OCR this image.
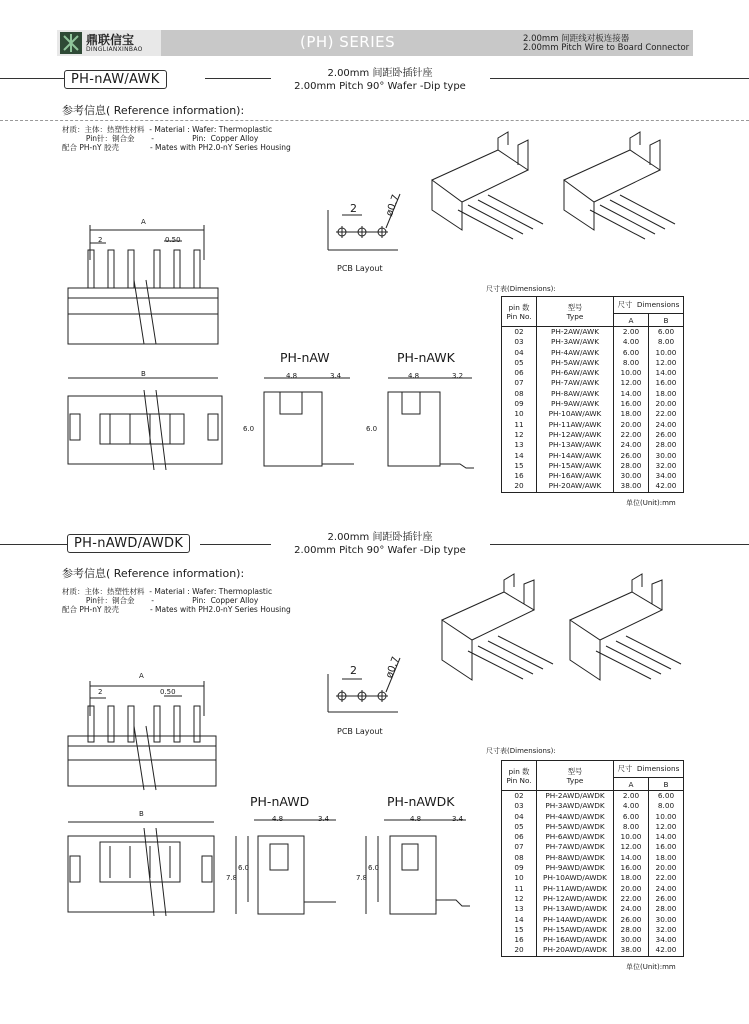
鼎联信宝
DINGLIANXINBAO	(PH) SERIES	2.00mm 间距线对板连接器
2.00mm Pitch Wire to Board Connector
PH-nAW/AWK	2.00mm 间距卧插针座
2.00mm Pitch 90° Wafer -Dip type
参考信息( Reference information):
材质：主体：热塑性材料  - Material : Wafer: Thermoplastic
Pin针：铜合金       -                Pin:  Copper Alloy
配合 PH-nY 胶壳             - Mates with PH2.0-nY Series Housing
A
2	0.50
B
2	ø0.7
PCB Layout
PH-nAW	PH-nAWK
4.8	3.4
6.0
4.8	3.2
6.0
尺寸表(Dimensions):
pin 数
Pin No.	型号
Type	尺寸 Dimensions	
		A	B
02	PH-2AW/AWK	2.00	6.00
03	PH-3AW/AWK	4.00	8.00
04	PH-4AW/AWK	6.00	10.00
05	PH-5AW/AWK	8.00	12.00
06	PH-6AW/AWK	10.00	14.00
07	PH-7AW/AWK	12.00	16.00
08	PH-8AW/AWK	14.00	18.00
09	PH-9AW/AWK	16.00	20.00
10	PH-10AW/AWK	18.00	22.00
11	PH-11AW/AWK	20.00	24.00
12	PH-12AW/AWK	22.00	26.00
13	PH-13AW/AWK	24.00	28.00
14	PH-14AW/AWK	26.00	30.00
15	PH-15AW/AWK	28.00	32.00
16	PH-16AW/AWK	30.00	34.00
20	PH-20AW/AWK	38.00	42.00
单位(Unit):mm
PH-nAWD/AWDK	2.00mm 间距卧插针座
2.00mm Pitch 90° Wafer -Dip type
参考信息( Reference information):
材质：主体：热塑性材料  - Material : Wafer: Thermoplastic
Pin针：铜合金       -                Pin:  Copper Alloy
配合 PH-nY 胶壳             - Mates with PH2.0-nY Series Housing
A
2	0.50
B
2	ø0.7
PCB Layout
PH-nAWD	PH-nAWDK
4.8	3.4
6.0
7.8
4.8	3.4
6.0
7.8
尺寸表(Dimensions):
pin 数
Pin No.	型号
Type	尺寸 Dimensions	
		A	B
02	PH-2AWD/AWDK	2.00	6.00
03	PH-3AWD/AWDK	4.00	8.00
04	PH-4AWD/AWDK	6.00	10.00
05	PH-5AWD/AWDK	8.00	12.00
06	PH-6AWD/AWDK	10.00	14.00
07	PH-7AWD/AWDK	12.00	16.00
08	PH-8AWD/AWDK	14.00	18.00
09	PH-9AWD/AWDK	16.00	20.00
10	PH-10AWD/AWDK	18.00	22.00
11	PH-11AWD/AWDK	20.00	24.00
12	PH-12AWD/AWDK	22.00	26.00
13	PH-13AWD/AWDK	24.00	28.00
14	PH-14AWD/AWDK	26.00	30.00
15	PH-15AWD/AWDK	28.00	32.00
16	PH-16AWD/AWDK	30.00	34.00
20	PH-20AWD/AWDK	38.00	42.00
单位(Unit):mm
